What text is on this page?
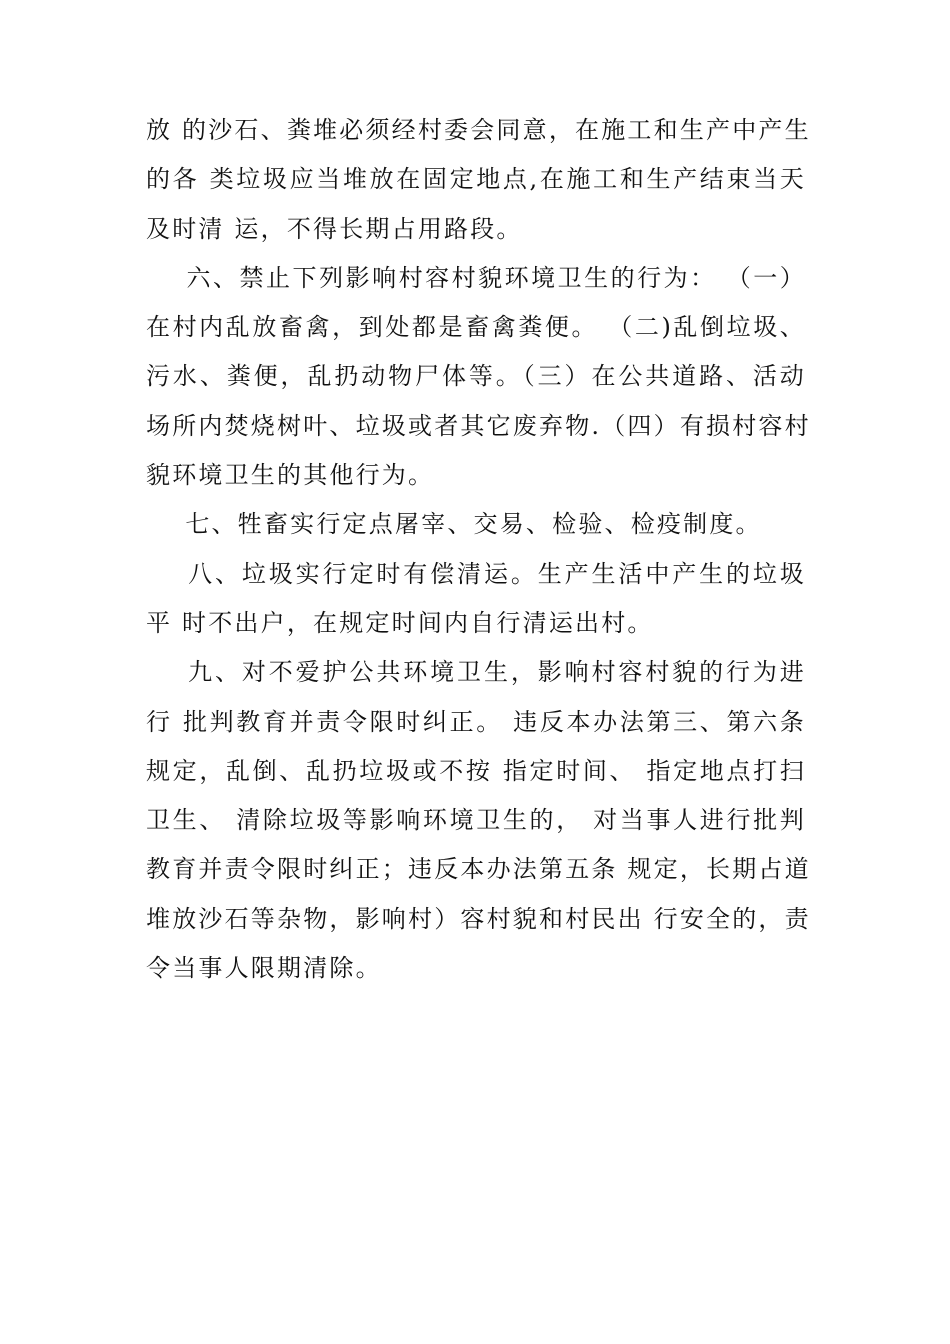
放 的沙石、粪堆必须经村委会同意，在施工和生产中产生
的各 类垃圾应当堆放在固定地点,在施工和生产结束当天
及时清 运，不得长期占用路段。
六、禁止下列影响村容村貌环境卫生的行为： （一）
在村内乱放畜禽，到处都是畜禽粪便。 （二)乱倒垃圾、
污水、粪便，乱扔动物尸体等。（三）在公共道路、活动
场所内焚烧树叶、垃圾或者其它废弃物.（四）有损村容村
貌环境卫生的其他行为。
七、牲畜实行定点屠宰、交易、检验、检疫制度。
八、垃圾实行定时有偿清运。生产生活中产生的垃圾
平 时不出户，在规定时间内自行清运出村。
九、对不爱护公共环境卫生，影响村容村貌的行为进
行 批判教育并责令限时纠正。 违反本办法第三、第六条
规定，乱倒、乱扔垃圾或不按 指定时间、 指定地点打扫
卫生、 清除垃圾等影响环境卫生的， 对当事人进行批判
教育并责令限时纠正；违反本办法第五条 规定，长期占道
堆放沙石等杂物，影响村）容村貌和村民出 行安全的，责
令当事人限期清除。
